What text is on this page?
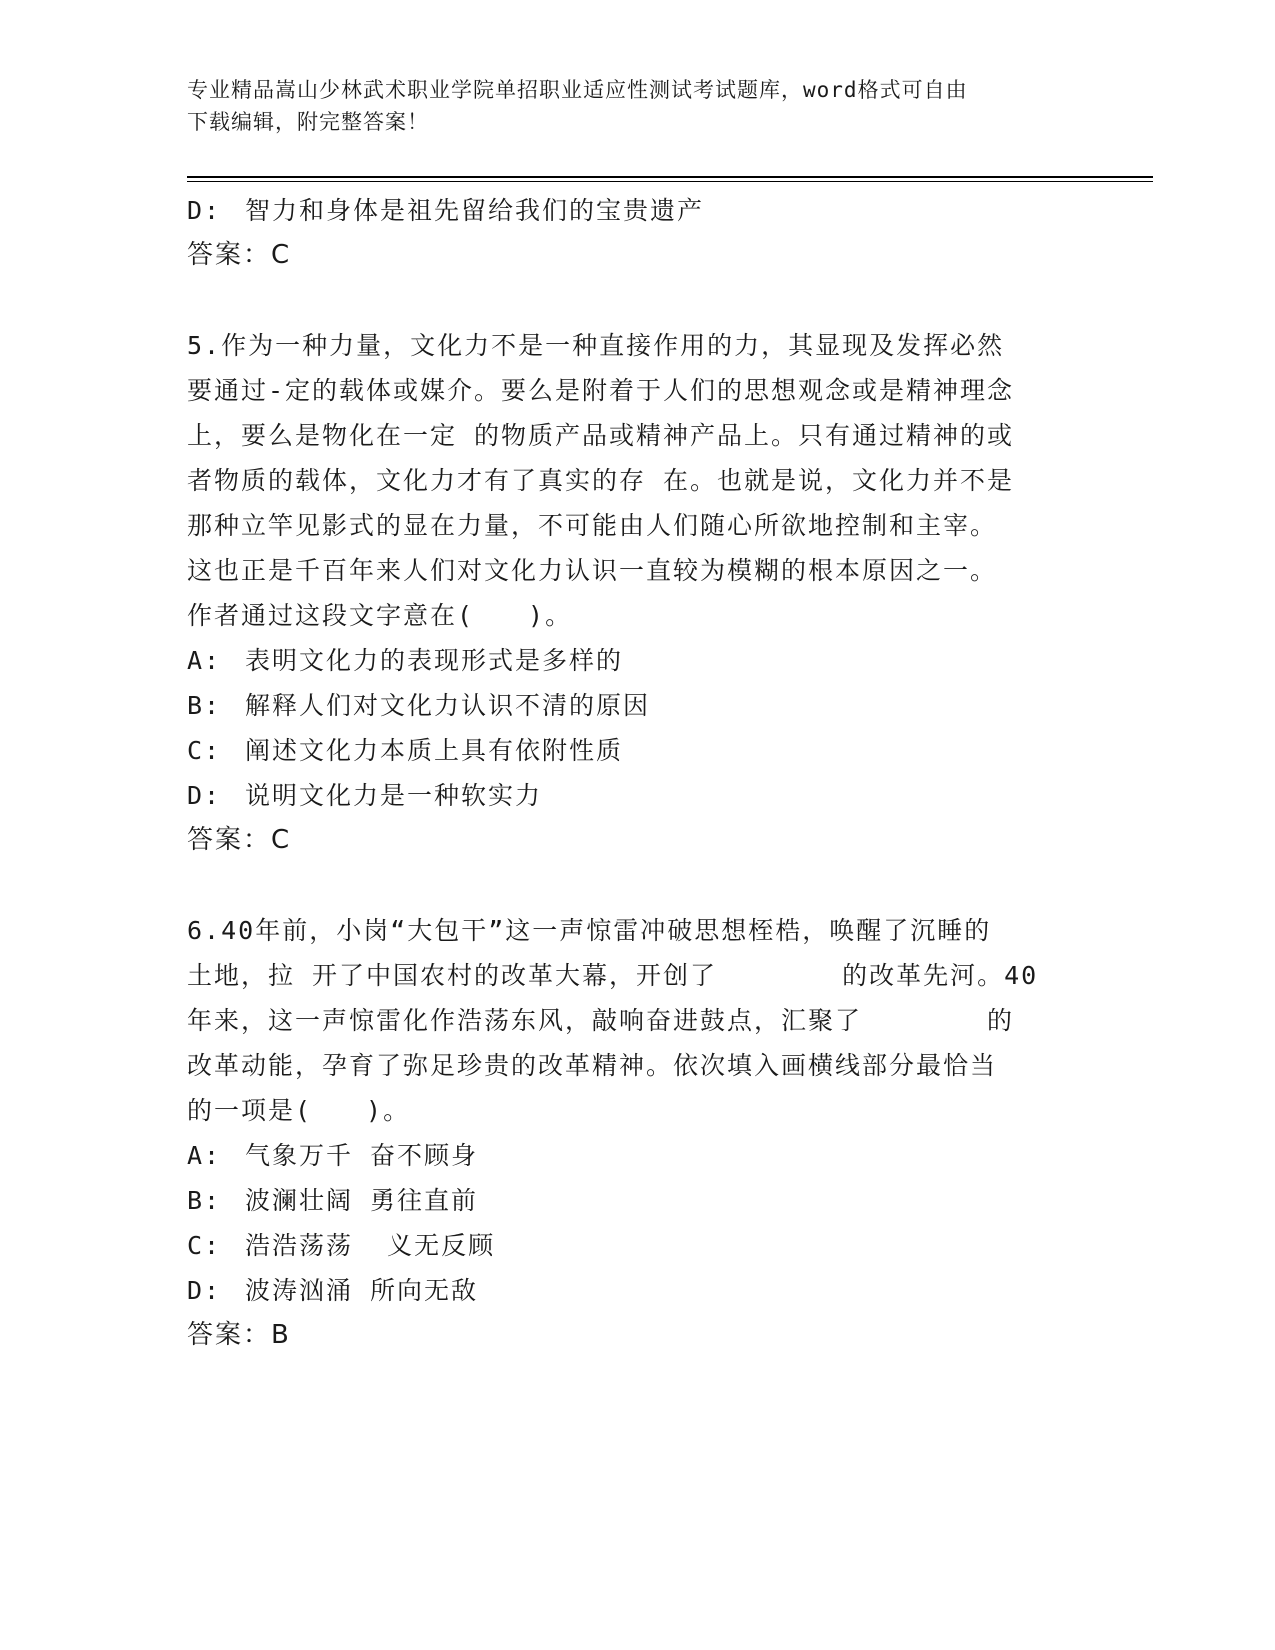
专业精品嵩山少林武术职业学院单招职业适应性测试考试题库，word格式可自由
下载编辑，附完整答案！
D: 智力和身体是祖先留给我们的宝贵遗产
答案：C
5.作为一种力量，文化力不是一种直接作用的力，其显现及发挥必然
要通过-定的载体或媒介。要么是附着于人们的思想观念或是精神理念
上，要么是物化在一定 的物质产品或精神产品上。只有通过精神的或
者物质的载体，文化力才有了真实的存 在。也就是说，文化力并不是
那种立竿见影式的显在力量，不可能由人们随心所欲地控制和主宰。
这也正是千百年来人们对文化力认识一直较为模糊的根本原因之一。
作者通过这段文字意在(　　)。
A: 表明文化力的表现形式是多样的
B: 解释人们对文化力认识不清的原因
C: 阐述文化力本质上具有依附性质
D: 说明文化力是一种软实力
答案：C
6.40年前，小岗“大包干”这一声惊雷冲破思想桎梏，唤醒了沉睡的
土地，拉 开了中国农村的改革大幕，开创了　　　　 的改革先河。40
年来，这一声惊雷化作浩荡东风，敲响奋进鼓点，汇聚了　　　　 的
改革动能，孕育了弥足珍贵的改革精神。依次填入画横线部分最恰当
的一项是(　　)。
A: 气象万千 奋不顾身
B: 波澜壮阔 勇往直前
C: 浩浩荡荡  义无反顾
D: 波涛汹涌 所向无敌
答案：B
